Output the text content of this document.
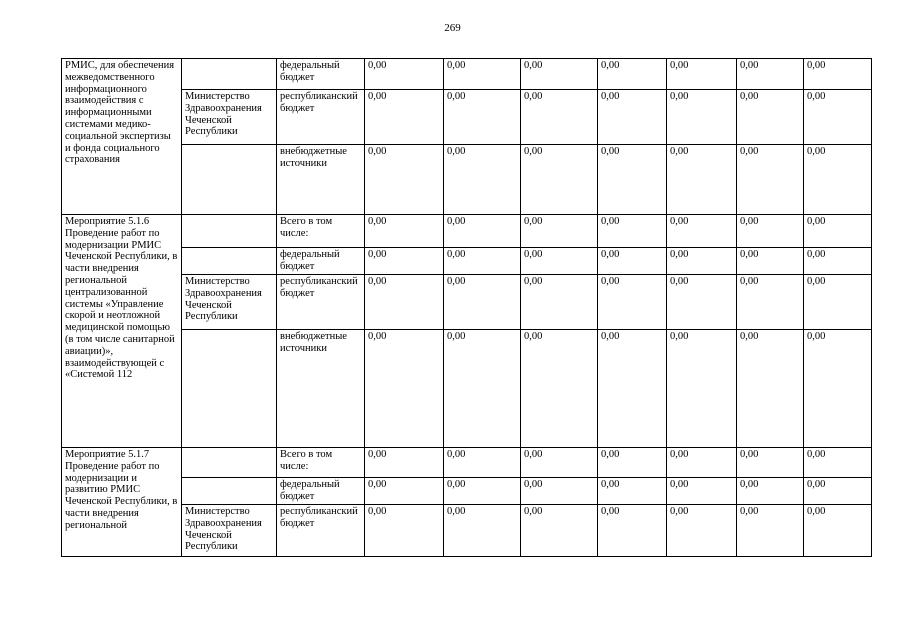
269
РМИС, для обеспечения межведомственного информационного взаимодействия с информационными системами медико-социальной экспертизы и фонда социального страхования		федеральный бюджет	0,00	0,00	0,00	0,00	0,00	0,00	0,00
	Министерство Здравоохранения Чеченской Республики	республиканский бюджет	0,00	0,00	0,00	0,00	0,00	0,00	0,00
		внебюджетные источники	0,00	0,00	0,00	0,00	0,00	0,00	0,00
Мероприятие 5.1.6 Проведение работ по модернизации РМИС Чеченской Республики, в части внедрения региональной централизованной системы «Управление скорой и неотложной медицинской помощью (в том числе санитарной авиации)», взаимодействующей с «Системой 112		Всего в том числе:	0,00	0,00	0,00	0,00	0,00	0,00	0,00
		федеральный бюджет	0,00	0,00	0,00	0,00	0,00	0,00	0,00
	Министерство Здравоохранения Чеченской Республики	республиканский бюджет	0,00	0,00	0,00	0,00	0,00	0,00	0,00
		внебюджетные источники	0,00	0,00	0,00	0,00	0,00	0,00	0,00
Мероприятие 5.1.7 Проведение работ по модернизации и развитию РМИС Чеченской Республики, в части внедрения региональной		Всего в том числе:	0,00	0,00	0,00	0,00	0,00	0,00	0,00
		федеральный бюджет	0,00	0,00	0,00	0,00	0,00	0,00	0,00
	Министерство Здравоохранения Чеченской Республики	республиканский бюджет	0,00	0,00	0,00	0,00	0,00	0,00	0,00
